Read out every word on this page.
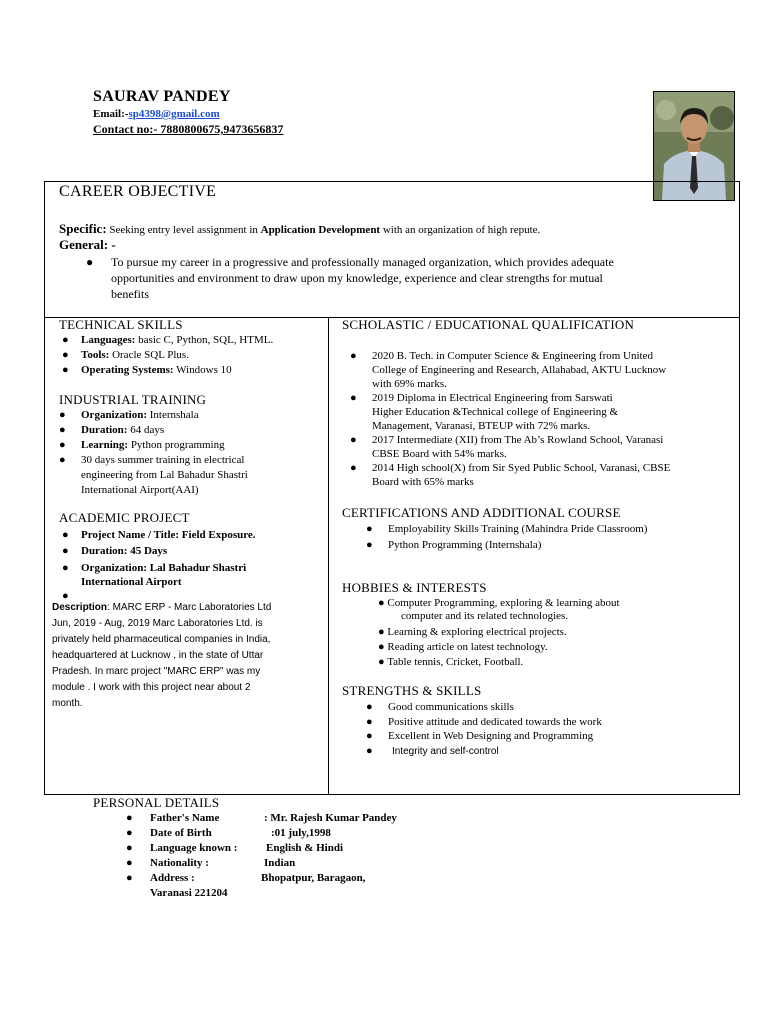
SAURAV PANDEY
Email:-sp4398@gmail.com
Contact no:- 7880800675,9473656837
CAREER OBJECTIVE
Specific: Seeking entry level assignment in Application Development with an organization of high repute.
General: -
● To pursue my career in a progressive and professionally managed organization, which provides adequate
opportunities and environment to draw upon my knowledge, experience and clear strengths for mutual
benefits
TECHNICAL SKILLS
● Languages: basic C, Python, SQL, HTML.
● Tools: Oracle SQL Plus.
● Operating Systems: Windows 10
INDUSTRIAL TRAINING
● Organization: Internshala
● Duration: 64 days
● Learning: Python programming
● 30 days summer training in electrical
engineering from Lal Bahadur Shastri
International Airport(AAI)
ACADEMIC PROJECT
● Project Name / Title: Field Exposure.
● Duration: 45 Days
● Organization: Lal Bahadur Shastri
International Airport
●

Description: MARC ERP - Marc Laboratories Ltd
Jun, 2019 - Aug, 2019 Marc Laboratories Ltd. is
privately held pharmaceutical companies in India,
headquartered at Lucknow , in the state of Uttar
Pradesh. In marc project "MARC ERP" was my
module . I work with this project near about 2
month.
SCHOLASTIC / EDUCATIONAL QUALIFICATION
● 2020 B. Tech. in Computer Science & Engineering from United
College of Engineering and Research, Allahabad, AKTU Lucknow
with 69% marks.
● 2019 Diploma in Electrical Engineering from Sarswati
Higher Education &Technical college of Engineering &
Management, Varanasi, BTEUP with 72% marks.
● 2017 Intermediate (XII) from The Ab’s Rowland School, Varanasi
CBSE Board with 54% marks.
● 2014 High school(X) from Sir Syed Public School, Varanasi, CBSE
Board with 65% marks
CERTIFICATIONS AND ADDITIONAL COURSE
● Employability Skills Training (Mahindra Pride Classroom)
● Python Programming (Internshala)
HOBBIES & INTERESTS
● Computer Programming, exploring & learning about
computer and its related technologies.
● Learning & exploring electrical projects.
● Reading article on latest technology.
● Table tennis, Cricket, Football.
STRENGTHS & SKILLS
● Good communications skills
● Positive attitude and dedicated towards the work
● Excellent in Web Designing and Programming
● Integrity and self-control
PERSONAL DETAILS
● Father's Name	: Mr. Rajesh Kumar Pandey
● Date of Birth	:01 july,1998
● Language known :	English & Hindi
● Nationality :	Indian
● Address :	Bhopatpur, Baragaon,
Varanasi 221204
